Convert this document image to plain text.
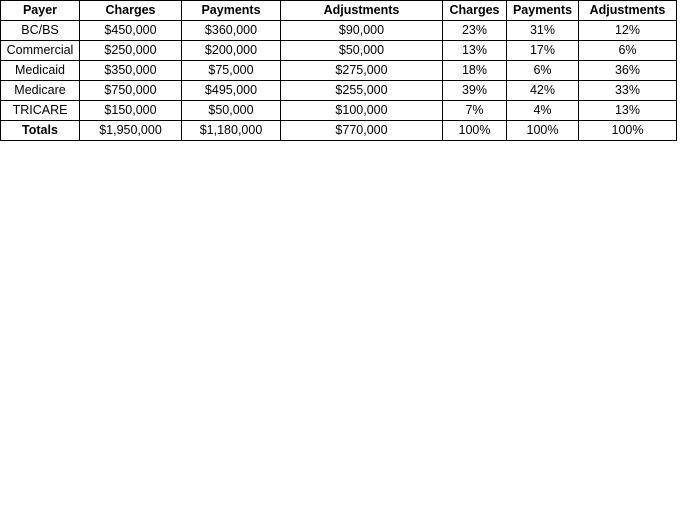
Payer	Charges	Payments	Adjustments	Charges	Payments	Adjustments
BC/BS	$450,000	$360,000	$90,000	23%	31%	12%
Commercial	$250,000	$200,000	$50,000	13%	17%	6%
Medicaid	$350,000	$75,000	$275,000	18%	6%	36%
Medicare	$750,000	$495,000	$255,000	39%	42%	33%
TRICARE	$150,000	$50,000	$100,000	7%	4%	13%
Totals	$1,950,000	$1,180,000	$770,000	100%	100%	100%
